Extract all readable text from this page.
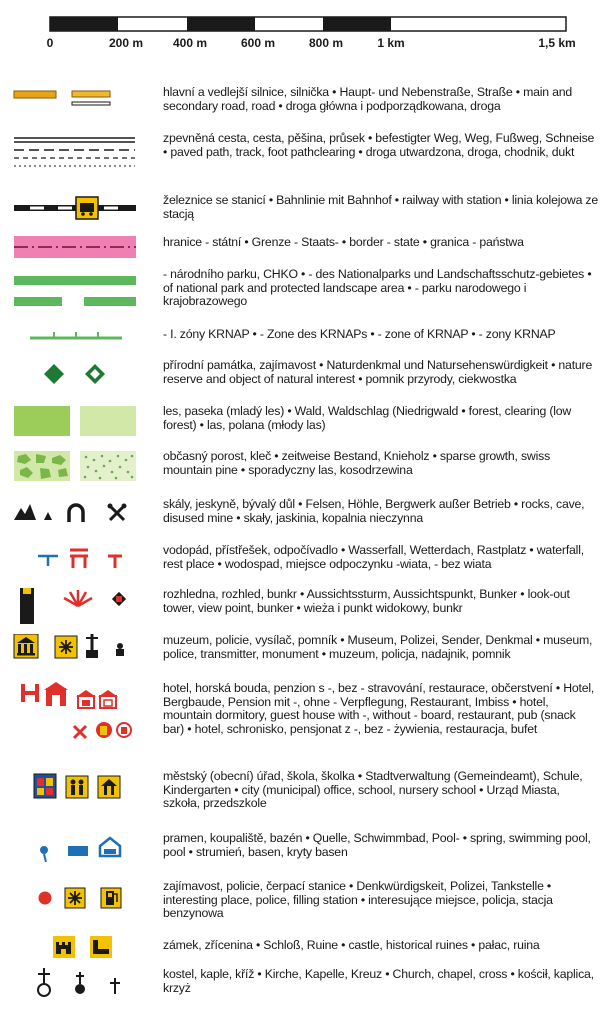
0	200 m 400 m	600 m	800 m	1 km	1,5 km
hlavní a vedlejší silnice, silnička • Haupt- und Nebenstraße, Straße • main and secondary road, road • droga główna i podporządkowana, droga
zpevněná cesta, cesta, pěšina, průsek • befestigter Weg, Weg, Fußweg, Schneise • paved path, track, foot pathclearing • droga utwardzona, droga, chodnik, dukt
železnice se stanicí • Bahnlinie mit Bahnhof • railway with station • linia kolejowa ze stacją
hranice - státní • Grenze - Staats- • border - state • granica - państwa
- národního parku, CHKO • - des Nationalparks und Landschaftsschutz-gebietes • of national park and protected landscape area • - parku narodowego i krajobrazowego
- I. zóny KRNAP • - Zone des KRNAPs • - zone of KRNAP • - zony KRNAP
přírodní památka, zajímavost • Naturdenkmal und Natursehenswürdigkeit • nature reserve and object of natural interest • pomnik przyrody, ciekwostka
les, paseka (mladý les) • Wald, Waldschlag (Niedrigwald • forest, clearing (low forest) • las, polana (młody las)
občasný porost, kleč • zeitweise Bestand, Knieholz • sparse growth, swiss mountain pine • sporadyczny las, kosodrzewina
skály, jeskyně, bývalý důl • Felsen, Höhle, Bergwerk außer Betrieb • rocks, cave, disused mine • skały, jaskinia, kopalnia nieczynna
vodopád, přístřešek, odpočívadlo • Wasserfall, Wetterdach, Rastplatz • waterfall, rest place • wodospad, miejsce odpoczynku -wiata, - bez wiata
rozhledna, rozhled, bunkr • Aussichtssturm, Aussichtspunkt, Bunker • look-out tower, view point, bunker • wieża i punkt widokowy, bunkr
muzeum, policie, vysílač, pomník • Museum, Polizei, Sender, Denkmal • museum, police, transmitter, monument • muzeum, policja, nadajnik, pomnik
hotel, horská bouda, penzion s -, bez - stravování, restaurace, občerstvení • Hotel, Bergbaude, Pension mit -, ohne - Verpflegung, Restaurant, Imbiss • hotel, mountain dormitory, guest house with -, without - board, restaurant, pub (snack bar) • hotel, schronisko, pensjonat z -, bez - żywienia, restauracja, bufet
městský (obecní) úřad, škola, školka • Stadtverwaltung (Gemeindeamt), Schule, Kindergarten • city (municipal) office, school, nursery school • Urząd Miasta, szkoła, przedszkole
pramen, koupaliště, bazén • Quelle, Schwimmbad, Pool- • spring, swimming pool, pool • strumień, basen, kryty basen
zajímavost, policie, čerpací stanice • Denkwürdigskeit, Polizei, Tankstelle • interesting place, police, filling station • interesujące miejsce, policja, stacja benzynowa
zámek, zřícenina • Schloß, Ruine • castle, historical ruines • pałac, ruina
kostel, kaple, kříž • Kirche, Kapelle, Kreuz • Church, chapel, cross • kościł, kaplica, krzyż
